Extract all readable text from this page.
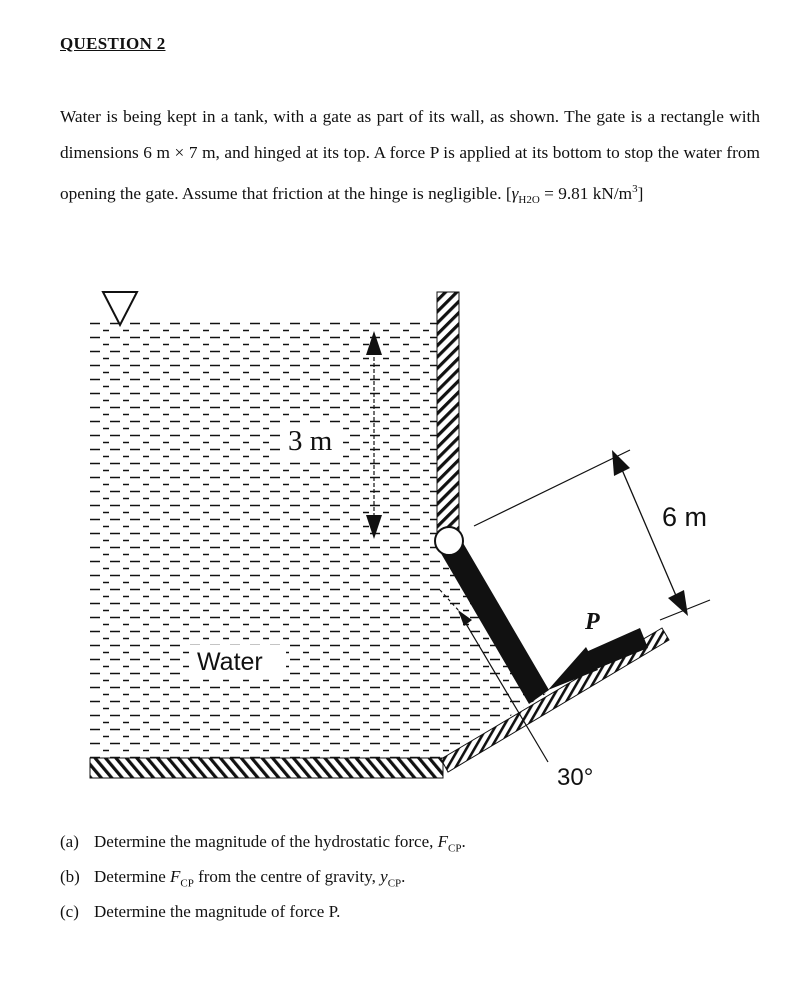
QUESTION 2
Water is being kept in a tank, with a gate as part of its wall, as shown. The gate is a rectangle with dimensions 6 m × 7 m, and hinged at its top. A force P is applied at its bottom to stop the water from opening the gate. Assume that friction at the hinge is negligible. [$\gamma_{H2O} = 9.81$ $kN/m^3$]
3 m
Water
6 m
P
30°
(a) Determine the magnitude of the hydrostatic force, $F_{CP}$.
(b) Determine $F_{CP}$ from the centre of gravity, $y_{CP}$.
(c) Determine the magnitude of force P.
